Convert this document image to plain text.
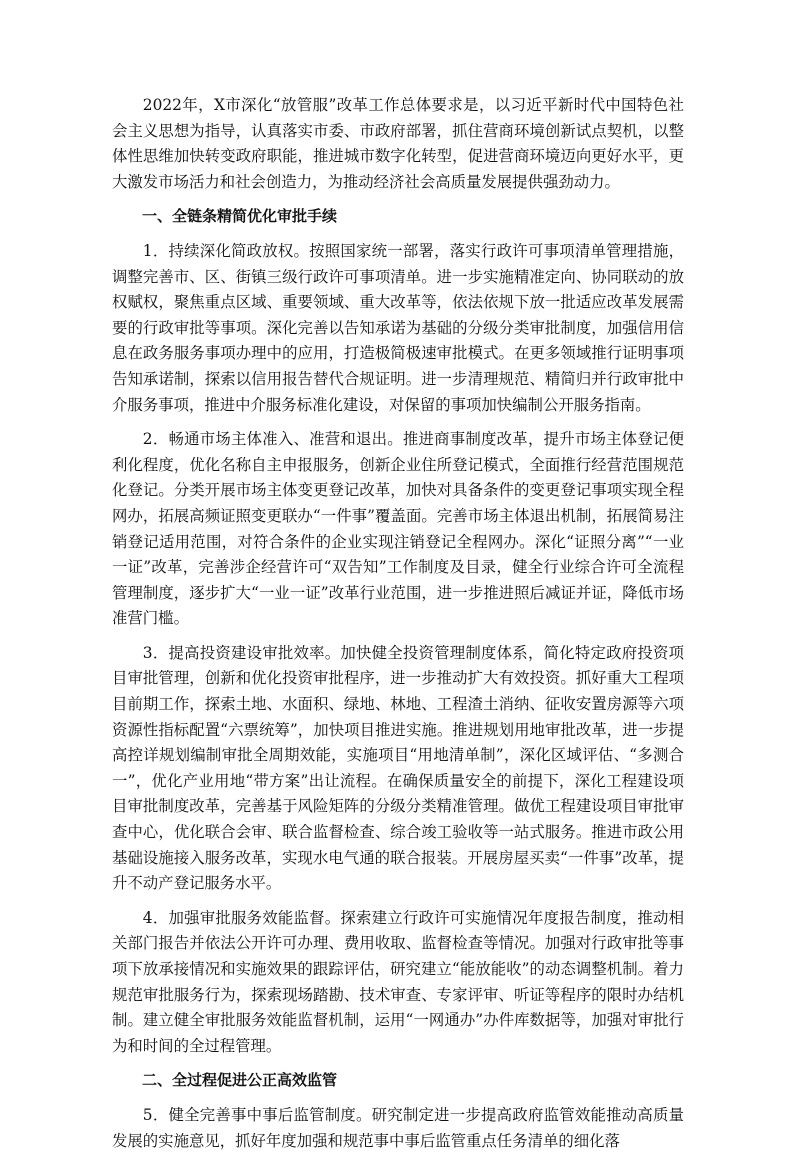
2022年，X市深化“放管服”改革工作总体要求是，以习近平新时代中国特色社会主义思想为指导，认真落实市委、市政府部署，抓住营商环境创新试点契机，以整体性思维加快转变政府职能，推进城市数字化转型，促进营商环境迈向更好水平，更大激发市场活力和社会创造力，为推动经济社会高质量发展提供强劲动力。

一、全链条精简优化审批手续

1．持续深化简政放权。按照国家统一部署，落实行政许可事项清单管理措施，调整完善市、区、街镇三级行政许可事项清单。进一步实施精准定向、协同联动的放权赋权，聚焦重点区域、重要领域、重大改革等，依法依规下放一批适应改革发展需要的行政审批等事项。深化完善以告知承诺为基础的分级分类审批制度，加强信用信息在政务服务事项办理中的应用，打造极简极速审批模式。在更多领域推行证明事项告知承诺制，探索以信用报告替代合规证明。进一步清理规范、精简归并行政审批中介服务事项，推进中介服务标准化建设，对保留的事项加快编制公开服务指南。

2．畅通市场主体准入、准营和退出。推进商事制度改革，提升市场主体登记便利化程度，优化名称自主申报服务，创新企业住所登记模式，全面推行经营范围规范化登记。分类开展市场主体变更登记改革，加快对具备条件的变更登记事项实现全程网办，拓展高频证照变更联办“一件事”覆盖面。完善市场主体退出机制，拓展简易注销登记适用范围，对符合条件的企业实现注销登记全程网办。深化“证照分离”“一业一证”改革，完善涉企经营许可“双告知”工作制度及目录，健全行业综合许可全流程管理制度，逐步扩大“一业一证”改革行业范围，进一步推进照后减证并证，降低市场准营门槛。

3．提高投资建设审批效率。加快健全投资管理制度体系，简化特定政府投资项目审批管理，创新和优化投资审批程序，进一步推动扩大有效投资。抓好重大工程项目前期工作，探索土地、水面积、绿地、林地、工程渣土消纳、征收安置房源等六项资源性指标配置“六票统筹”，加快项目推进实施。推进规划用地审批改革，进一步提高控详规划编制审批全周期效能，实施项目“用地清单制”，深化区域评估、“多测合一”，优化产业用地“带方案”出让流程。在确保质量安全的前提下，深化工程建设项目审批制度改革，完善基于风险矩阵的分级分类精准管理。做优工程建设项目审批审查中心，优化联合会审、联合监督检查、综合竣工验收等一站式服务。推进市政公用基础设施接入服务改革，实现水电气通的联合报装。开展房屋买卖“一件事”改革，提升不动产登记服务水平。

4．加强审批服务效能监督。探索建立行政许可实施情况年度报告制度，推动相关部门报告并依法公开许可办理、费用收取、监督检查等情况。加强对行政审批等事项下放承接情况和实施效果的跟踪评估，研究建立“能放能收”的动态调整机制。着力规范审批服务行为，探索现场踏勘、技术审查、专家评审、听证等程序的限时办结机制。建立健全审批服务效能监督机制，运用“一网通办”办件库数据等，加强对审批行为和时间的全过程管理。

二、全过程促进公正高效监管

5．健全完善事中事后监管制度。研究制定进一步提高政府监管效能推动高质量发展的实施意见，抓好年度加强和规范事中事后监管重点任务清单的细化落
